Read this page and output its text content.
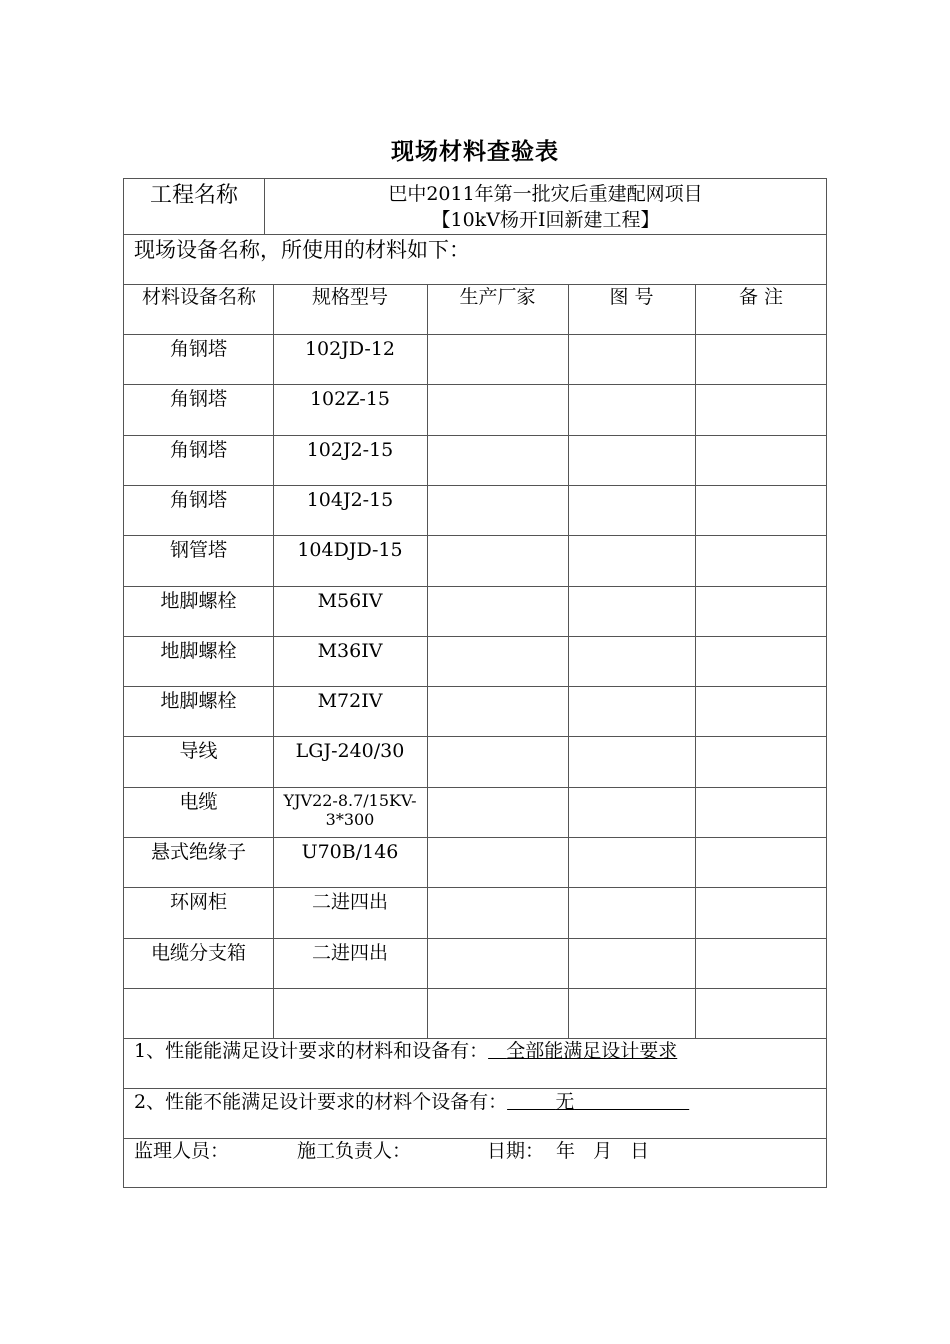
现场材料查验表
工程名称	巴中2011年第一批灾后重建配网项目
【10kV杨开Ⅰ回新建工程】
现场设备名称，所使用的材料如下：
材料设备名称	规格型号	生产厂家	图 号	备 注
角钢塔	102JD-12
角钢塔	102Z-15
角钢塔	102J2-15
角钢塔	104J2-15
钢管塔	104DJD-15
地脚螺栓	M56IV
地脚螺栓	M36IV
地脚螺栓	M72IV
导线	LGJ-240/30
电缆	YJV22-8.7/15KV-3*300
悬式绝缘子	U70B/146
环网柜	二进四出
电缆分支箱	二进四出
1、性能能满足设计要求的材料和设备有： 全部能满足设计要求
2、性能不能满足设计要求的材料个设备有：	无
监理人员：	施工负责人：	日期： 年 月 日
